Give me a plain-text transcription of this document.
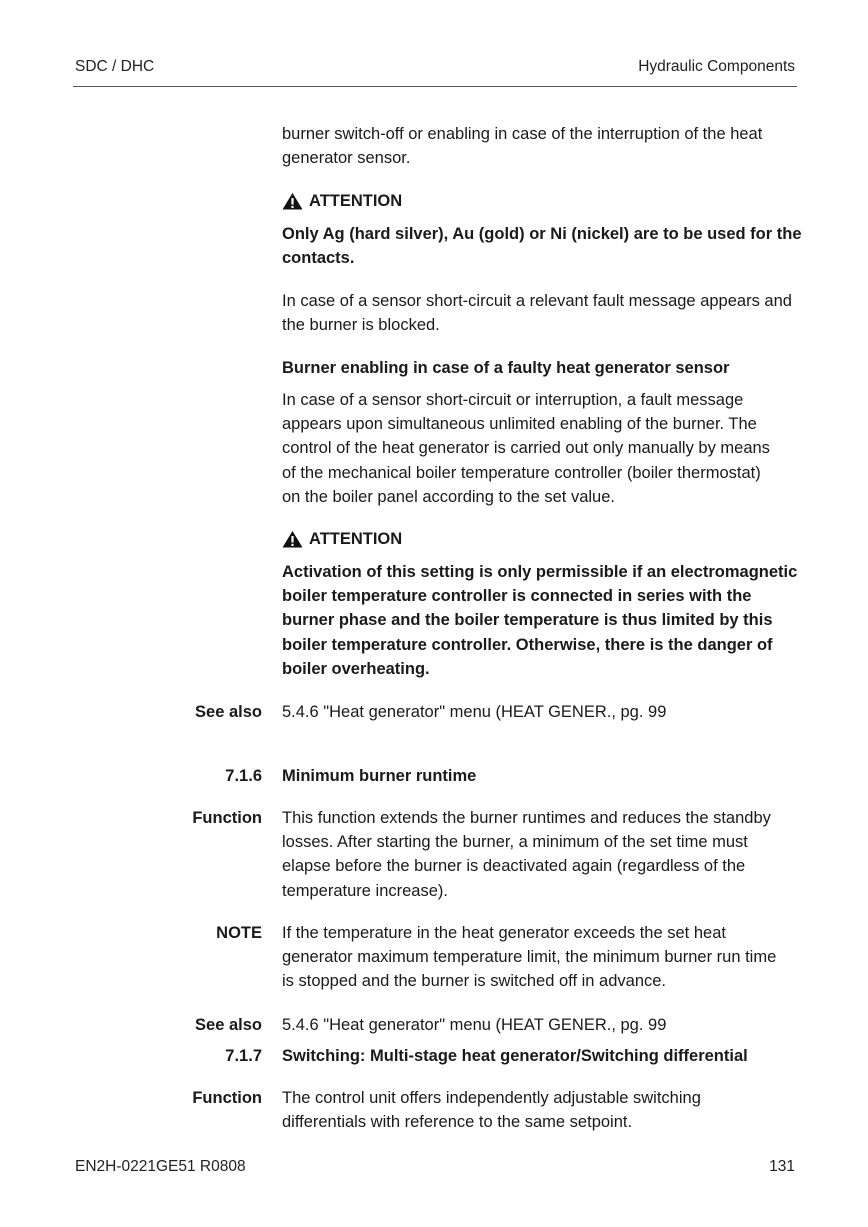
SDC / DHC	Hydraulic Components

burner switch-off or enabling in case of the interruption of the heat generator sensor.

ATTENTION

Only Ag (hard silver), Au (gold) or Ni (nickel) are to be used for the contacts.

In case of a sensor short-circuit a relevant fault message appears and the burner is blocked.

Burner enabling in case of a faulty heat generator sensor

In case of a sensor short-circuit or interruption, a fault message appears upon simultaneous unlimited enabling of the burner. The control of the heat generator is carried out only manually by means of the mechanical boiler temperature controller (boiler thermostat) on the boiler panel according to the set value.

ATTENTION

Activation of this setting is only permissible if an electromagnetic boiler temperature controller is connected in series with the burner phase and the boiler temperature is thus limited by this boiler temperature controller. Otherwise, there is the danger of boiler overheating.

See also 5.4.6 "Heat generator" menu (HEAT GENER., pg. 99

7.1.6 Minimum burner runtime

Function This function extends the burner runtimes and reduces the standby losses. After starting the burner, a minimum of the set time must elapse before the burner is deactivated again (regardless of the temperature increase).

NOTE If the temperature in the heat generator exceeds the set heat generator maximum temperature limit, the minimum burner run time is stopped and the burner is switched off in advance.

See also 5.4.6 "Heat generator" menu (HEAT GENER., pg. 99

7.1.7 Switching: Multi-stage heat generator/Switching differential

Function The control unit offers independently adjustable switching differentials with reference to the same setpoint.

EN2H-0221GE51 R0808	131
